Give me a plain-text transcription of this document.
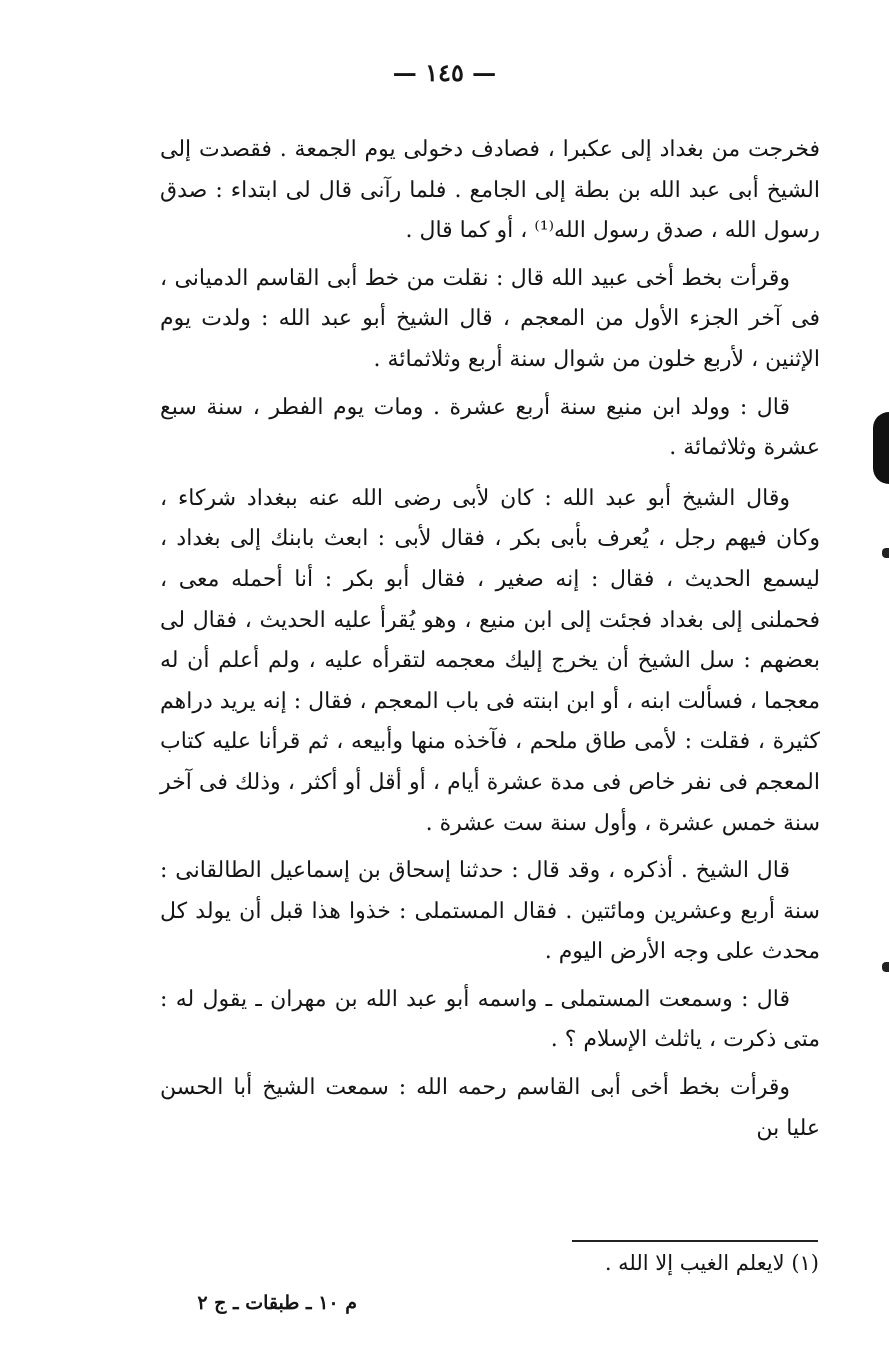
— ١٤٥ —

فخرجت من بغداد إلى عكبرا ، فصادف دخولى يوم الجمعة . فقصدت إلى الشيخ أبى عبد الله بن بطة إلى الجامع . فلما رآنى قال لى ابتداء : صدق رسول الله ، صدق رسول الله⁽¹⁾ ، أو كما قال .

وقرأت بخط أخى عبيد الله قال : نقلت من خط أبى القاسم الدميانى ، فى آخر الجزء الأول من المعجم ، قال الشيخ أبو عبد الله : ولدت يوم الإثنين ، لأربع خلون من شوال سنة أربع وثلاثمائة .

قال : وولد ابن منيع سنة أربع عشرة . ومات يوم الفطر ، سنة سبع عشرة وثلاثمائة .

وقال الشيخ أبو عبد الله : كان لأبى رضى الله عنه ببغداد شركاء ، وكان فيهم رجل ، يُعرف بأبى بكر ، فقال لأبى : ابعث بابنك إلى بغداد ، ليسمع الحديث ، فقال : إنه صغير ، فقال أبو بكر : أنا أحمله معى ، فحملنى إلى بغداد فجئت إلى ابن منيع ، وهو يُقرأ عليه الحديث ، فقال لى بعضهم : سل الشيخ أن يخرج إليك معجمه لتقرأه عليه ، ولم أعلم أن له معجما ، فسألت ابنه ، أو ابن ابنته فى باب المعجم ، فقال : إنه يريد دراهم كثيرة ، فقلت : لأمى طاق ملحم ، فآخذه منها وأبيعه ، ثم قرأنا عليه كتاب المعجم فى نفر خاص فى مدة عشرة أيام ، أو أقل أو أكثر ، وذلك فى آخر سنة خمس عشرة ، وأول سنة ست عشرة .

قال الشيخ . أذكره ، وقد قال : حدثنا إسحاق بن إسماعيل الطالقانى : سنة أربع وعشرين ومائتين . فقال المستملى : خذوا هذا قبل أن يولد كل محدث على وجه الأرض اليوم .

قال : وسمعت المستملى ـ واسمه أبو عبد الله بن مهران ـ يقول له : متى ذكرت ، ياثلث الإسلام ؟ .

وقرأت بخط أخى أبى القاسم رحمه الله : سمعت الشيخ أبا الحسن عليا بن

(١) لايعلم الغيب إلا الله .
م ١٠ ـ طبقات ـ ج ٢
